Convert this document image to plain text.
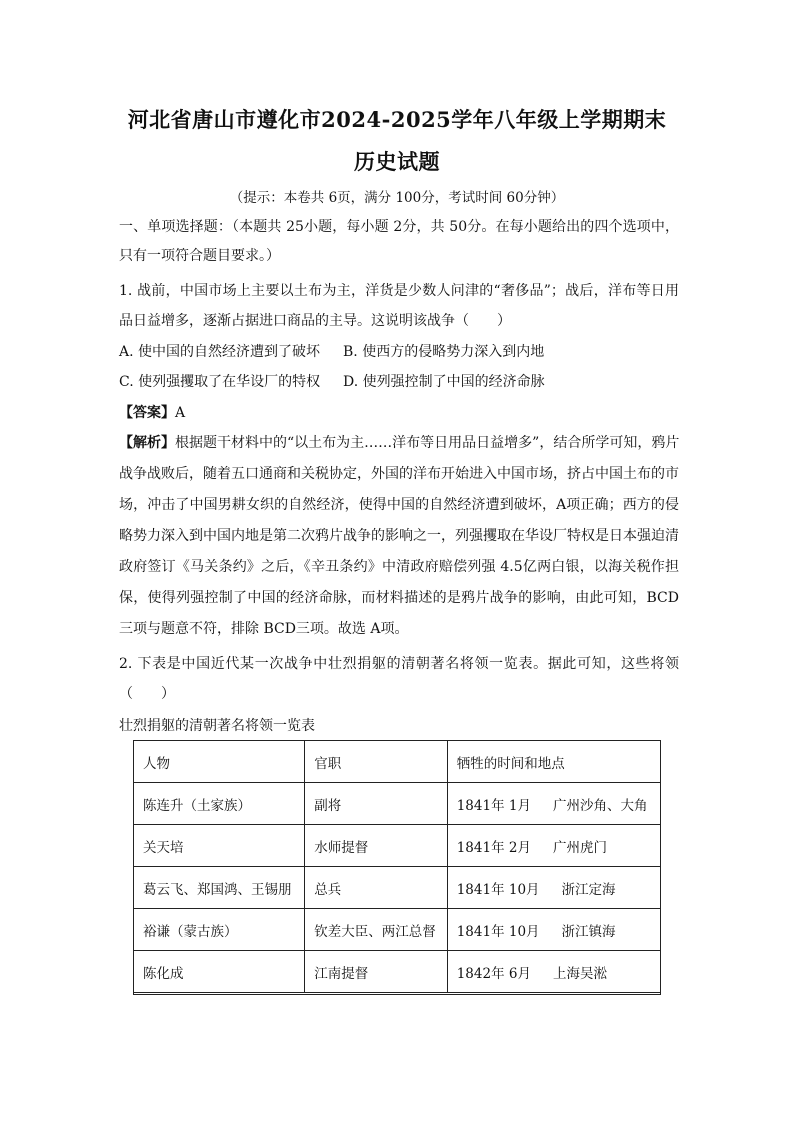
河北省唐山市遵化市2024-2025学年八年级上学期期末
历史试题
（提示：本卷共 6页，满分 100分，考试时间 60分钟）
一、单项选择题：（本题共 25小题，每小题 2分，共 50分。在每小题给出的四个选项中，
只有一项符合题目要求。）
1. 战前，中国市场上主要以土布为主，洋货是少数人问津的“奢侈品”；战后，洋布等日用
品日益增多，逐渐占据进口商品的主导。这说明该战争（　　）
A. 使中国的自然经济遭到了破坏 B. 使西方的侵略势力深入到内地
C. 使列强攫取了在华设厂的特权 D. 使列强控制了中国的经济命脉
【答案】A
【解析】根据题干材料中的“以土布为主……洋布等日用品日益增多”，结合所学可知，鸦片
战争战败后，随着五口通商和关税协定，外国的洋布开始进入中国市场，挤占中国土布的市
场，冲击了中国男耕女织的自然经济，使得中国的自然经济遭到破坏，A项正确；西方的侵
略势力深入到中国内地是第二次鸦片战争的影响之一，列强攫取在华设厂特权是日本强迫清
政府签订《马关条约》之后，《辛丑条约》中清政府赔偿列强 4.5亿两白银，以海关税作担
保，使得列强控制了中国的经济命脉，而材料描述的是鸦片战争的影响，由此可知，BCD
三项与题意不符，排除 BCD三项。故选 A项。
2. 下表是中国近代某一次战争中壮烈捐躯的清朝著名将领一览表。据此可知，这些将领
（　　）
壮烈捐躯的清朝著名将领一览表
人物	官职	牺牲的时间和地点
陈连升（土家族）	副将	1841年 1月 广州沙角、大角
关天培	水师提督	1841年 2月 广州虎门
葛云飞、郑国鸿、王锡朋	总兵	1841年 10月 浙江定海
裕谦（蒙古族）	钦差大臣、两江总督	1841年 10月 浙江镇海
陈化成	江南提督	1842年 6月 上海吴淞
